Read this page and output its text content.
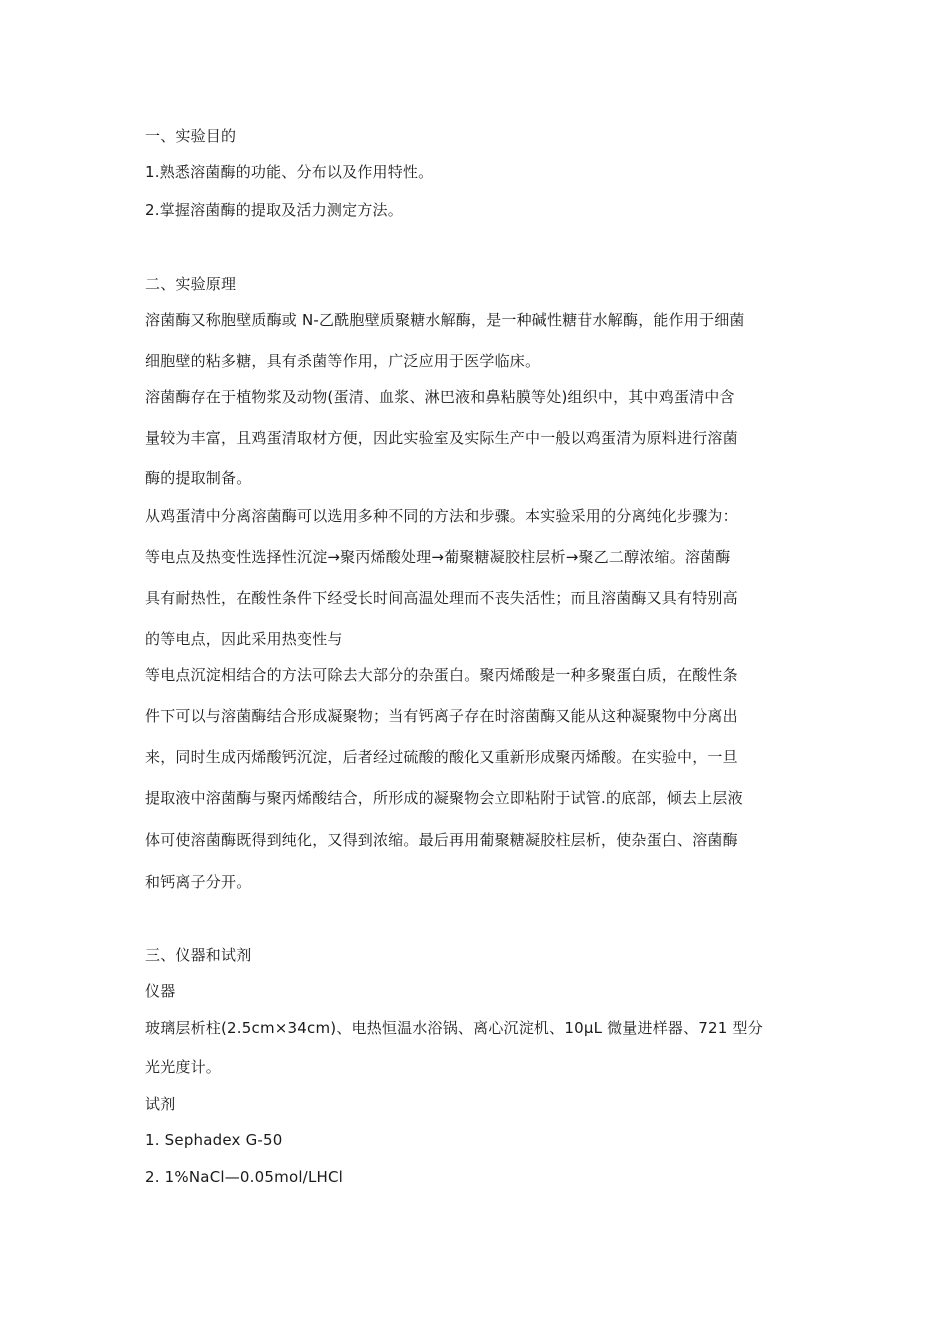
一、实验目的
1.熟悉溶菌酶的功能、分布以及作用特性。
2.掌握溶菌酶的提取及活力测定方法。
二、实验原理
溶菌酶又称胞壁质酶或 N-乙酰胞壁质聚糖水解酶，是一种碱性糖苷水解酶，能作用于细菌
细胞壁的粘多糖，具有杀菌等作用，广泛应用于医学临床。
溶菌酶存在于植物浆及动物(蛋清、血浆、淋巴液和鼻粘膜等处)组织中，其中鸡蛋清中含
量较为丰富，且鸡蛋清取材方便，因此实验室及实际生产中一般以鸡蛋清为原料进行溶菌
酶的提取制备。
从鸡蛋清中分离溶菌酶可以选用多种不同的方法和步骤。本实验采用的分离纯化步骤为：
等电点及热变性选择性沉淀→聚丙烯酸处理→葡聚糖凝胶柱层析→聚乙二醇浓缩。溶菌酶
具有耐热性，在酸性条件下经受长时间高温处理而不丧失活性；而且溶菌酶又具有特别高
的等电点，因此采用热变性与
等电点沉淀相结合的方法可除去大部分的杂蛋白。聚丙烯酸是一种多聚蛋白质，在酸性条
件下可以与溶菌酶结合形成凝聚物；当有钙离子存在时溶菌酶又能从这种凝聚物中分离出
来，同时生成丙烯酸钙沉淀，后者经过硫酸的酸化又重新形成聚丙烯酸。在实验中，一旦
提取液中溶菌酶与聚丙烯酸结合，所形成的凝聚物会立即粘附于试管.的底部，倾去上层液
体可使溶菌酶既得到纯化，又得到浓缩。最后再用葡聚糖凝胶柱层析，使杂蛋白、溶菌酶
和钙离子分开。
三、仪器和试剂
仪器
玻璃层析柱(2.5cm×34cm)、电热恒温水浴锅、离心沉淀机、10μL 微量进样器、721 型分
光光度计。
试剂
1. Sephadex G-50
2. 1%NaCl—0.05mol/LHCl
